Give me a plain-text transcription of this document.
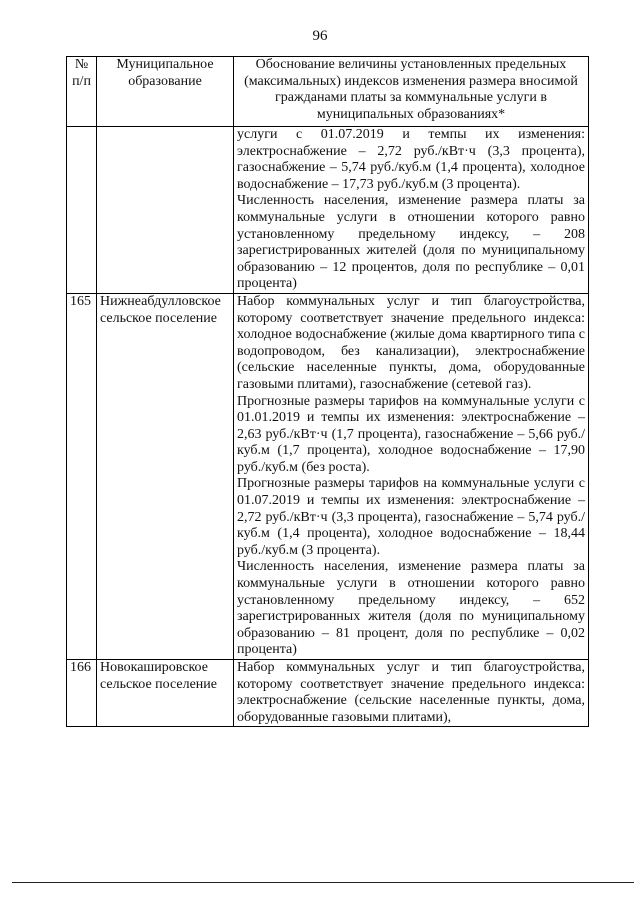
96
№ п/п	Муниципальное образование	Обоснование величины установленных предельных (максимальных) индексов изменения размера вносимой гражданами платы за коммунальные услуги в муниципальных образованиях*

		услуги с 01.07.2019 и темпы их изменения: электроснабжение – 2,72 руб./кВт·ч (3,3 процента), газоснабжение – 5,74 руб./куб.м (1,4 процента), холодное водоснабжение – 17,73 руб./куб.м (3 процента).

Численность населения, изменение размера платы за коммунальные услуги в отношении которого равно установленному предельному индексу, – 208 зарегистрированных жителей (доля по муниципальному образованию – 12 процентов, доля по республике – 0,01 процента)

165	Нижнеабдулловское сельское поселение	Набор коммунальных услуг и тип благоустройства, которому соответствует значение предельного индекса: холодное водоснабжение (жилые дома квартирного типа с водопроводом, без канализации), электроснабжение (сельские населенные пункты, дома, оборудованные газовыми плитами), газоснабжение (сетевой газ).

Прогнозные размеры тарифов на коммунальные услуги с 01.01.2019 и темпы их изменения: электроснабжение – 2,63 руб./кВт·ч (1,7 процента), газоснабжение – 5,66 руб./куб.м (1,7 процента), холодное водоснабжение – 17,90 руб./куб.м (без роста).

Прогнозные размеры тарифов на коммунальные услуги с 01.07.2019 и темпы их изменения: электроснабжение – 2,72 руб./кВт·ч (3,3 процента), газоснабжение – 5,74 руб./куб.м (1,4 процента), холодное водоснабжение – 18,44 руб./куб.м (3 процента).

Численность населения, изменение размера платы за коммунальные услуги в отношении которого равно установленному предельному индексу, – 652 зарегистрированных жителя (доля по муниципальному образованию – 81 процент, доля по республике – 0,02 процента)

166	Новокашировское сельское поселение	Набор коммунальных услуг и тип благоустройства, которому соответствует значение предельного индекса: электроснабжение (сельские населенные пункты, дома, оборудованные газовыми плитами),
